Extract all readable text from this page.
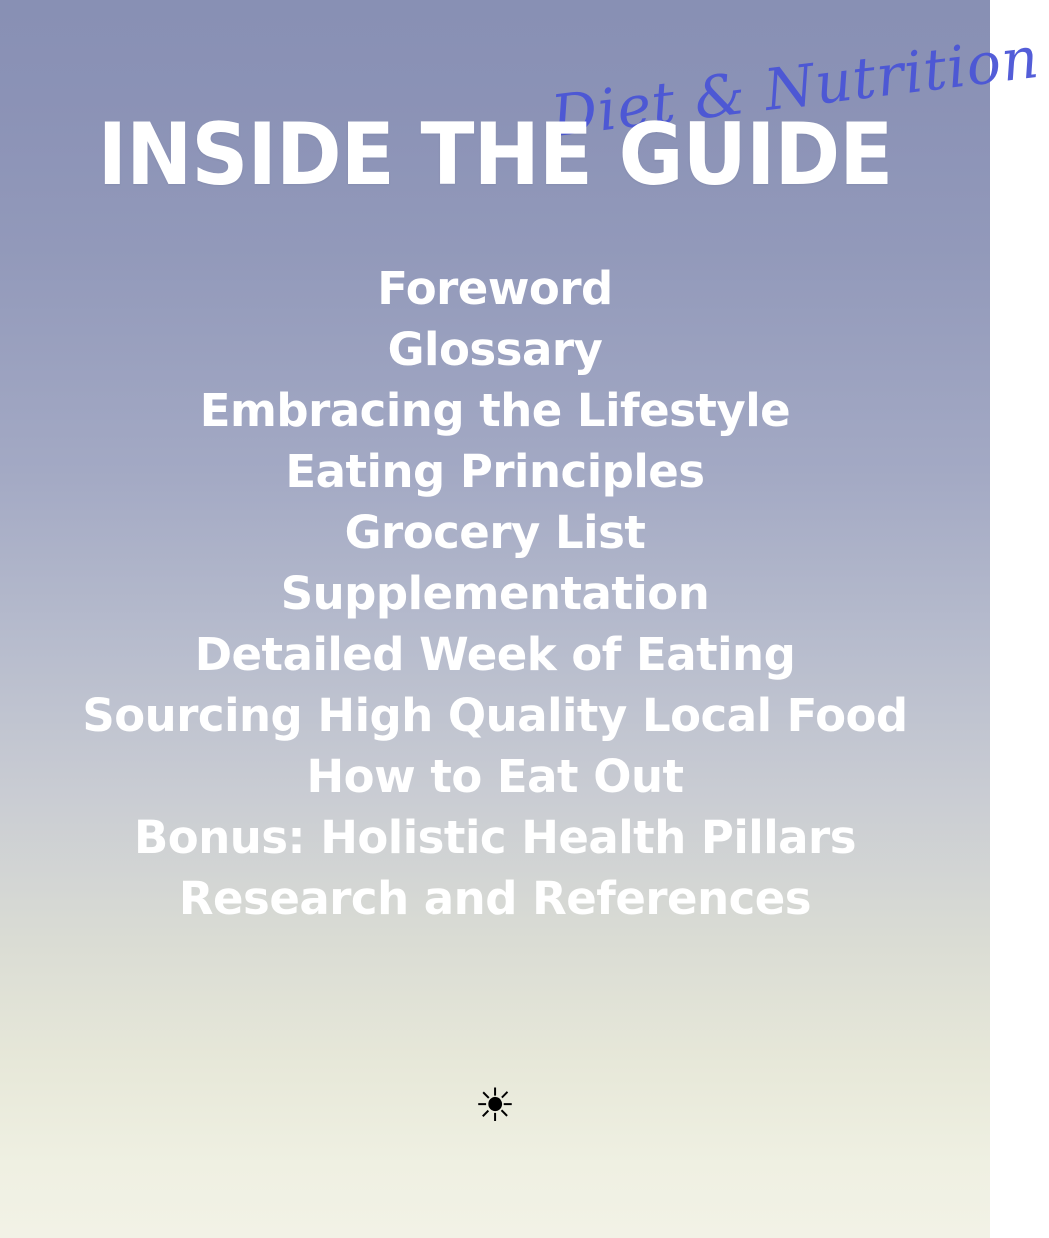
Diet & Nutrition
INSIDE THE GUIDE
Foreword
Glossary
Embracing the Lifestyle
Eating Principles
Grocery List
Supplementation
Detailed Week of Eating
Sourcing High Quality Local Food
How to Eat Out
Bonus: Holistic Health Pillars
Research and References
☀
